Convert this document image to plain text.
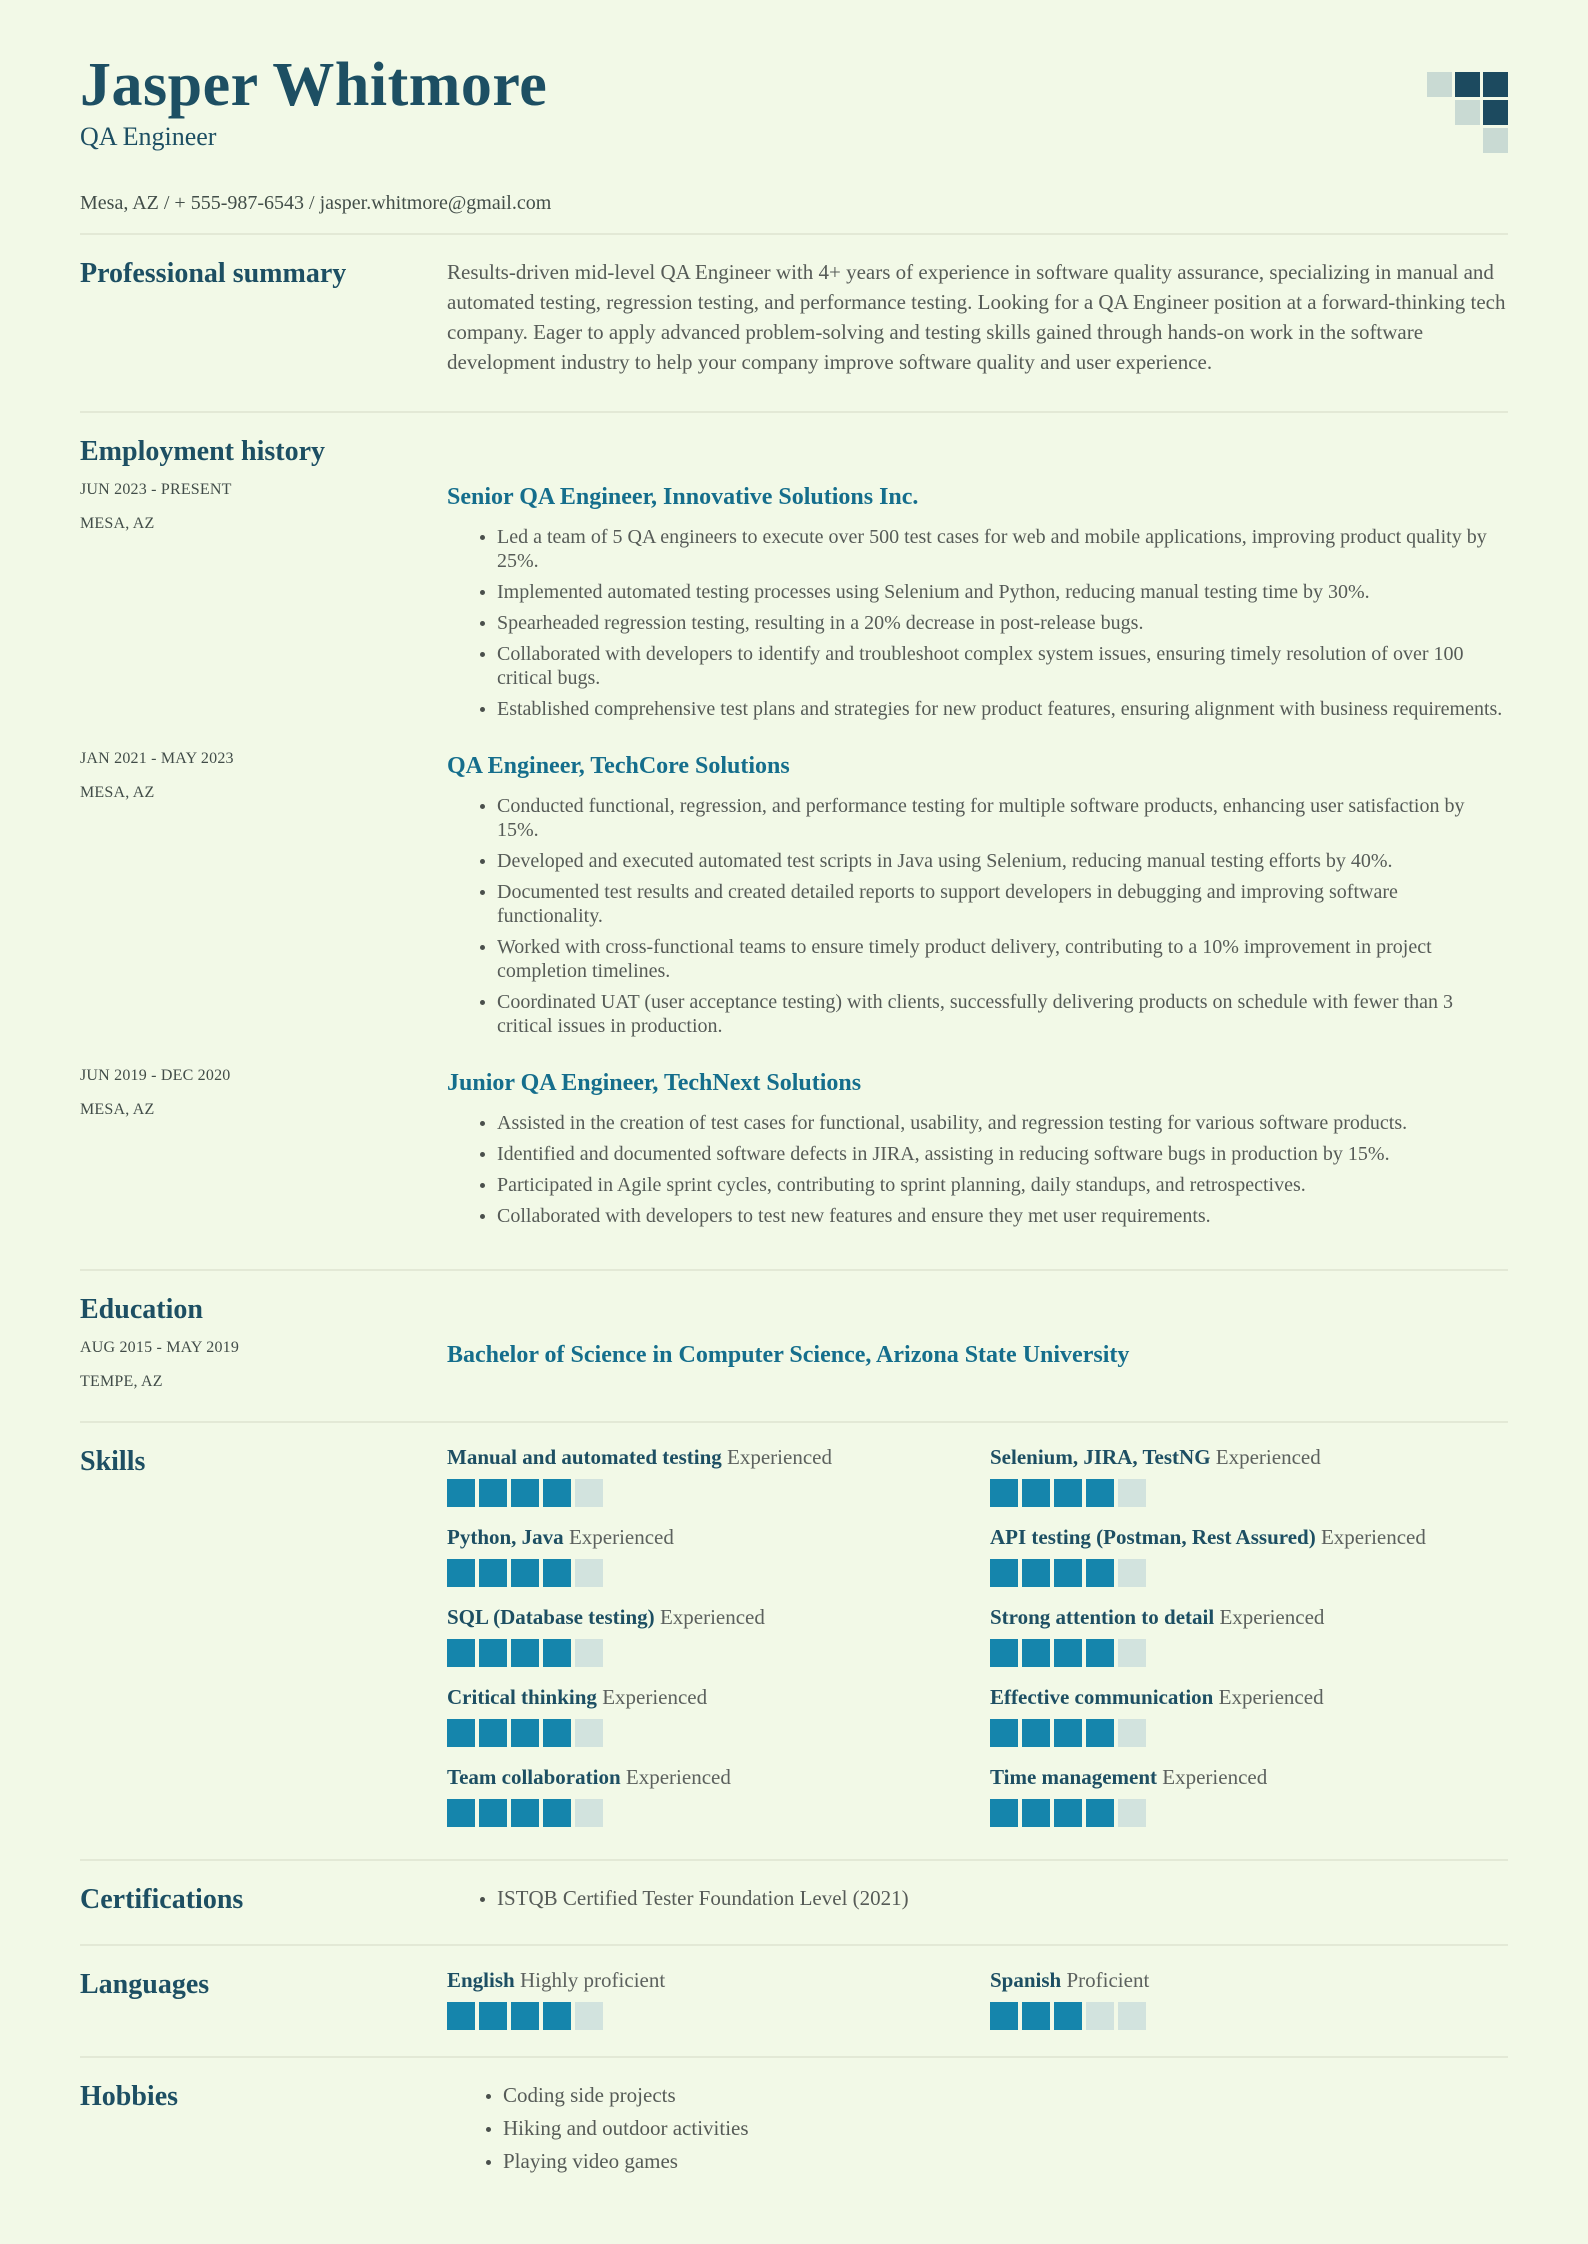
Jasper Whitmore
QA Engineer
Mesa, AZ / + 555-987-6543 / jasper.whitmore@gmail.com
Professional summary	Results-driven mid-level QA Engineer with 4+ years of experience in software quality assurance, specializing in manual and automated testing, regression testing, and performance testing. Looking for a QA Engineer position at a forward-thinking tech company. Eager to apply advanced problem-solving and testing skills gained through hands-on work in the software development industry to help your company improve software quality and user experience.

Employment history
JUN 2023 - PRESENT
MESA, AZ
Senior QA Engineer, Innovative Solutions Inc.
• Led a team of 5 QA engineers to execute over 500 test cases for web and mobile applications, improving product quality by 25%.
• Implemented automated testing processes using Selenium and Python, reducing manual testing time by 30%.
• Spearheaded regression testing, resulting in a 20% decrease in post-release bugs.
• Collaborated with developers to identify and troubleshoot complex system issues, ensuring timely resolution of over 100 critical bugs.
• Established comprehensive test plans and strategies for new product features, ensuring alignment with business requirements.
JAN 2021 - MAY 2023
MESA, AZ
QA Engineer, TechCore Solutions
• Conducted functional, regression, and performance testing for multiple software products, enhancing user satisfaction by 15%.
• Developed and executed automated test scripts in Java using Selenium, reducing manual testing efforts by 40%.
• Documented test results and created detailed reports to support developers in debugging and improving software functionality.
• Worked with cross-functional teams to ensure timely product delivery, contributing to a 10% improvement in project completion timelines.
• Coordinated UAT (user acceptance testing) with clients, successfully delivering products on schedule with fewer than 3 critical issues in production.
JUN 2019 - DEC 2020
MESA, AZ
Junior QA Engineer, TechNext Solutions
• Assisted in the creation of test cases for functional, usability, and regression testing for various software products.
• Identified and documented software defects in JIRA, assisting in reducing software bugs in production by 15%.
• Participated in Agile sprint cycles, contributing to sprint planning, daily standups, and retrospectives.
• Collaborated with developers to test new features and ensure they met user requirements.
Education
AUG 2015 - MAY 2019
TEMPE, AZ
Bachelor of Science in Computer Science, Arizona State University
Skills	Manual and automated testing Experienced	Selenium, JIRA, TestNG Experienced
Python, Java Experienced	API testing (Postman, Rest Assured) Experienced
SQL (Database testing) Experienced	Strong attention to detail Experienced
Critical thinking Experienced	Effective communication Experienced
Team collaboration Experienced	Time management Experienced
Certifications	• ISTQB Certified Tester Foundation Level (2021)
Languages	English Highly proficient	Spanish Proficient
Hobbies	• Coding side projects
• Hiking and outdoor activities
• Playing video games
